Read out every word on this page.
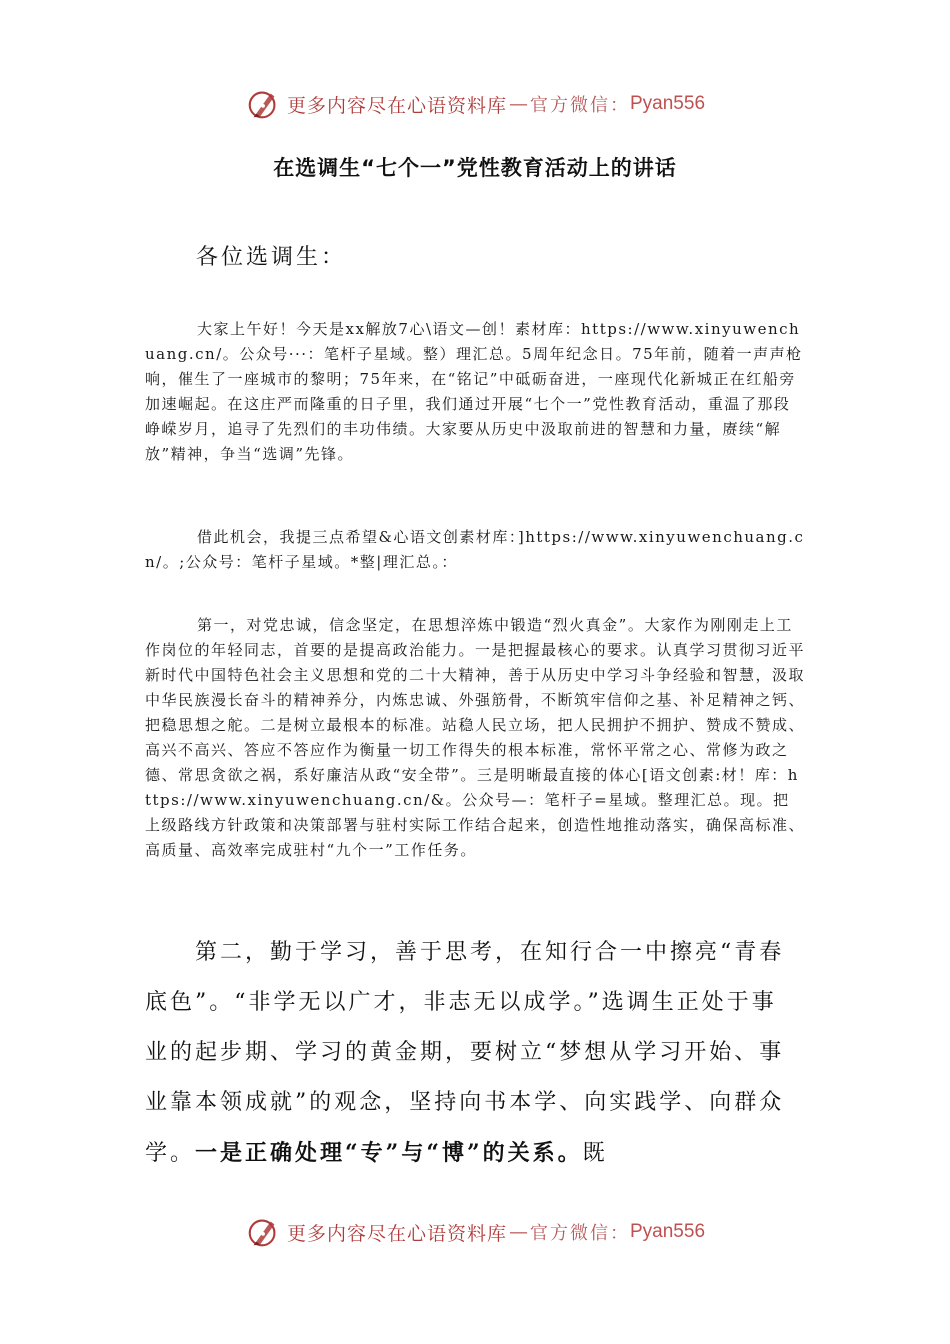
更多内容尽在心语资料库 — 官方微信： Pyan556
在选调生“七个一”党性教育活动上的讲话
各位选调生：

大家上午好！今天是xx解放7心\语文—创！素材库：https://www.xinyuwenchuang.cn/。公众号···：笔杆子星域。整）理汇总。5周年纪念日。75年前，随着一声声枪响，催生了一座城市的黎明；75年来，在“铭记”中砥砺奋进，一座现代化新城正在红船旁加速崛起。在这庄严而隆重的日子里，我们通过开展“七个一”党性教育活动，重温了那段峥嵘岁月，追寻了先烈们的丰功伟绩。大家要从历史中汲取前进的智慧和力量，赓续“解放”精神，争当“选调”先锋。

借此机会，我提三点希望&心语文创素材库：]https://www.xinyuwenchuang.cn/。;公众号：笔杆子星域。*整|理汇总。：

第一，对党忠诚，信念坚定，在思想淬炼中锻造“烈火真金”。大家作为刚刚走上工作岗位的年轻同志，首要的是提高政治能力。一是把握最核心的要求。认真学习贯彻习近平新时代中国特色社会主义思想和党的二十大精神，善于从历史中学习斗争经验和智慧，汲取中华民族漫长奋斗的精神养分，内炼忠诚、外强筋骨，不断筑牢信仰之基、补足精神之钙、把稳思想之舵。二是树立最根本的标准。站稳人民立场，把人民拥护不拥护、赞成不赞成、高兴不高兴、答应不答应作为衡量一切工作得失的根本标准，常怀平常之心、常修为政之德、常思贪欲之祸，系好廉洁从政“安全带”。三是明晰最直接的体心[语文创素:材！库：https://www.xinyuwenchuang.cn/&。公众号—：笔杆子=星域。整理汇总。现。把上级路线方针政策和决策部署与驻村实际工作结合起来，创造性地推动落实，确保高标准、高质量、高效率完成驻村“九个一”工作任务。

第二，勤于学习，善于思考，在知行合一中擦亮“青春底色”。“非学无以广才，非志无以成学。”选调生正处于事业的起步期、学习的黄金期，要树立“梦想从学习开始、事业靠本领成就”的观念，坚持向书本学、向实践学、向群众学。一是正确处理“专”与“博”的关系。既

更多内容尽在心语资料库 — 官方微信： Pyan556
